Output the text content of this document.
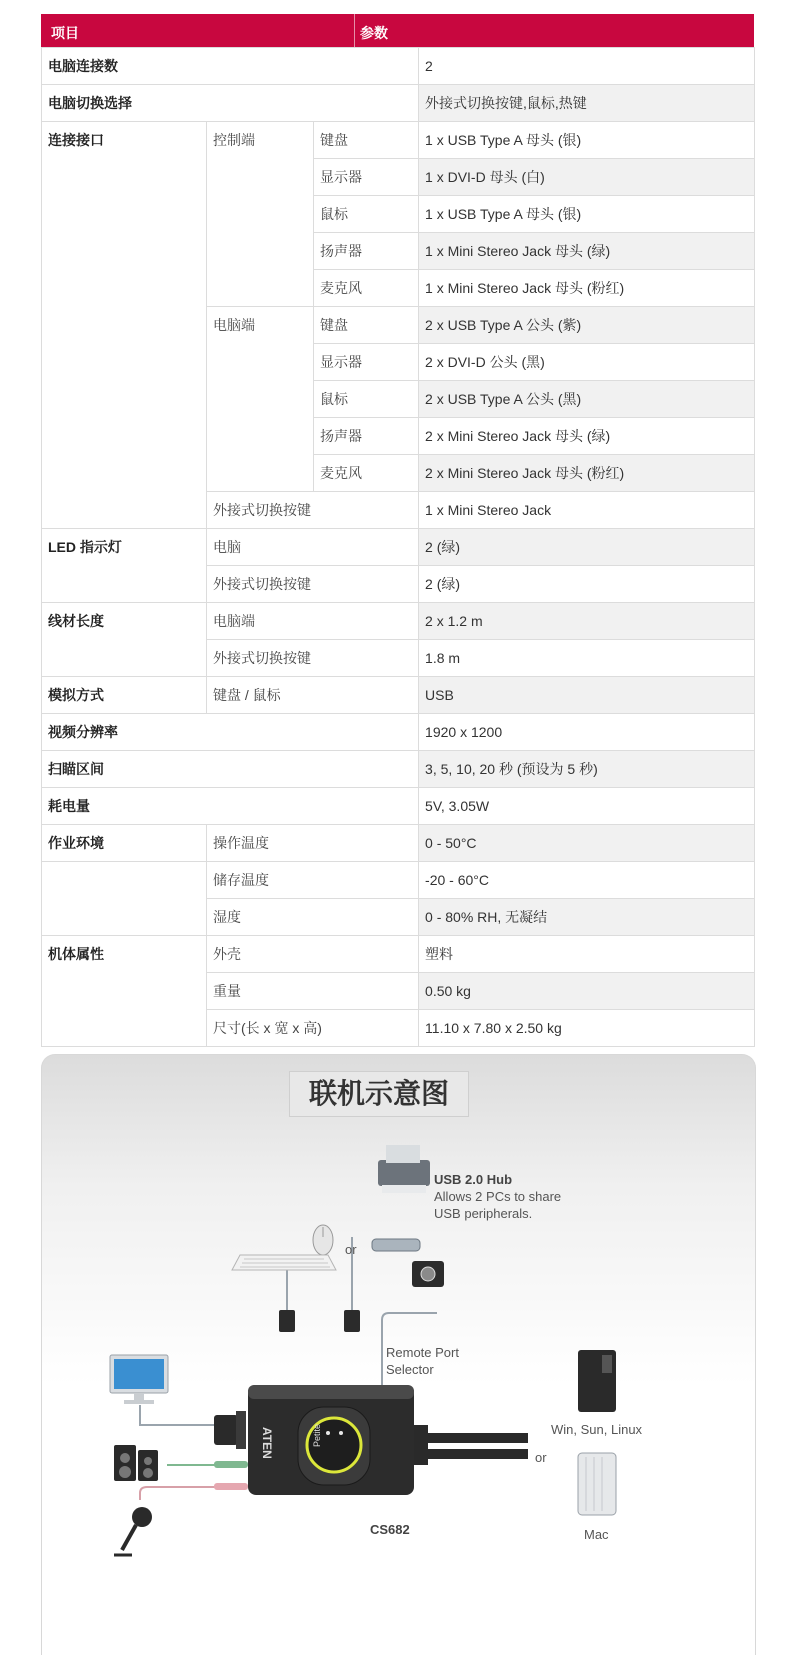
项目	参数
电脑连接数			2
电脑切换选择			外接式切换按键,鼠标,热键
连接接口	控制端	键盘	1 x USB Type A 母头 (银)
		显示器	1 x DVI-D 母头 (白)
		鼠标	1 x USB Type A 母头 (银)
		扬声器	1 x Mini Stereo Jack 母头 (绿)
		麦克风	1 x Mini Stereo Jack 母头 (粉红)
	电脑端	键盘	2 x USB Type A 公头 (紫)
		显示器	2 x DVI-D 公头 (黑)
		鼠标	2 x USB Type A 公头 (黑)
		扬声器	2 x Mini Stereo Jack 母头 (绿)
		麦克风	2 x Mini Stereo Jack 母头 (粉红)
	外接式切换按键		1 x Mini Stereo Jack
LED 指示灯	电脑		2 (绿)
	外接式切换按键		2 (绿)
线材长度	电脑端		2 x 1.2 m
	外接式切换按键		1.8 m
模拟方式	键盘 / 鼠标		USB
视频分辨率			1920 x 1200
扫瞄区间			3, 5, 10, 20 秒 (预设为 5 秒)
耗电量			5V, 3.05W
作业环境	操作温度		0 - 50°C
	储存温度		-20 - 60°C
	湿度		0 - 80% RH, 无凝结
机体属性	外壳		塑料
	重量		0.50 kg
	尺寸(长 x 宽 x 高)		11.10 x 7.80 x 2.50 kg
联机示意图
USB 2.0 Hub
Allows 2 PCs to share
USB peripherals.
or
Remote Port
Selector
ATEN	Petite
or
Win, Sun, Linux
Mac
CS682
